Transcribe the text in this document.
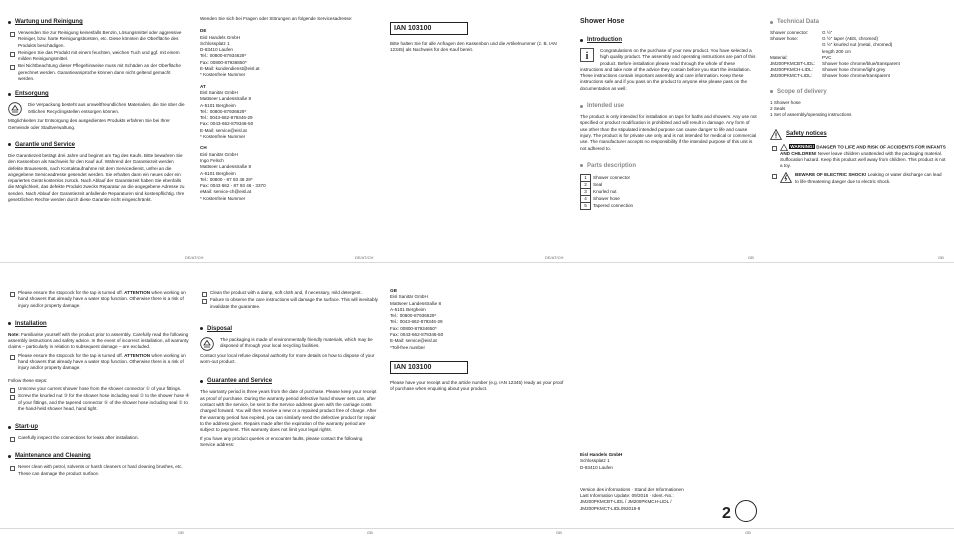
Wartung und Reinigung
Verwenden Sie zur Reinigung keinesfalls Benzin, Lösungsmittel oder aggressive Reiniger, bzw. harte Reinigungsbürsten, etc. Diese könnten die Oberfläche des Produkts beschädigen.
Reinigen Sie das Produkt mit einem feuchten, weichen Tuch und ggf. mit einem milden Reinigungsmittel.
Bei Nichtbeachtung dieser Pflegehinweise muss mit Schäden an der Oberfläche gerechnet werden. Garantieansprüche können dann nicht geltend gemacht werden.
Entsorgung

Die Verpackung besteht aus umweltfreundlichen Materialien, die Sie über die örtlichen Recyclingstellen entsorgen können.

Möglichkeiten zur Entsorgung des ausgedienten Produkts erfahren Sie bei Ihrer Gemeinde oder Stadtverwaltung.

Garantie und Service

Die Garantiezeit beträgt drei Jahre und beginnt am Tag des Kaufs. Bitte bewahren Sie den Kassenbon als Nachweis für den Kauf auf. Während der Garantiezeit werden defekte Brausesets, nach Kontaktaufnahme mit dem Servicedienst, unfrei an die angegebene Serviceadresse gesendet werden. Sie erhalten dann ein neues oder ein repariertes Gerät kostenlos zurück. Nach Ablauf der Garantiezeit haben Sie ebenfalls die Möglichkeit, das defekte Produkt zwecks Reparatur an die angegebene Adresse zu senden. Nach Ablauf der Garantiezeit anfallende Reparaturen sind kostenpflichtig. Ihre gesetzlichen Rechte werden durch diese Garantie nicht eingeschränkt.

Wenden Sie sich bei Fragen oder Störungen an folgende Servicesadresse:

DE
Eisl Handels GmbH
Schlossplatz 1
D-83410 Laufen
Tel.: 00800-87934629*
Fax: 00800-87936850*
E-Mail: kundendienst@eisl.at
* Kostenfreie Nummer
AT
Eisl Sanitär GmbH
Mattseer Landesstraße 8
A-5101 Bergheim
Tel.: 00800-87936629*
Tel.: 0043-662-879346-29
Fax: 0043-662-879346-50
E-Mail: service@eisl.at
* Kostenfreie Nummer
CH
Eisl Sanitär GmbH
Ingo Felsch
Mattseer Landesstraße 8
A-5101 Bergheim
Tel.: 00800 - 87 93 46 29*
Fax: 0043 662 - 87 93 46 - 3370
eMail: service-ch@eisl.at
* Kostenfreie Nummer
IAN 103100

Bitte halten Sie für alle Anfragen den Kassenbon und die Artikelnummer (z. B. IAN 12345) als Nachweis für den Kauf bereit.

Shower Hose
Introduction
i

Congratulations on the purchase of your new product. You have selected a high quality product. The assembly and operating instructions are part of this product. Before installation please read through the whole of these instructions and take note of the advice they contain before you start the installation. These instructions contain important assembly and care information. Keep these instructions safe and if you pass on the product to anyone else please pass on the documentation as well.

Intended use

The product is only intended for installation on taps for baths and showers. Any use not specified or product modification is prohibited and will result in damage. Any form of use other than the stipulated intended purpose can cause danger to life and cause injury. The product is for private use only and is not intended for medical or commercial use. The manufacturer accepts no responsibility if the intended purpose of this unit is not adhered to.

Parts description
1	Shower connector
2	Seal
3	Knurled nut
4	Shower hose
5	Tapered connection
Technical Data
Shower connector:	G ½"
Shower hose:	G ½" taper (ABS, chromed)
G ½" knurled nut (metal, chromed)
length 200 cm
Material:	PVC
JM200PKMCBT-LIDL:	Shower hose chrome/blue/transparent
JM200PKMCH-LIDL:	Shower hose chrome/light grey
JM200PKMCT-LIDL:	Shower hose chrome/transparent
Scope of delivery
1 Shower hose
2 Seals
1 Set of assembly/operating instructions
Safety notices
WARNING! DANGER TO LIFE AND RISK OF ACCIDENTS FOR INFANTS AND CHILDREN! Never leave children unattended with the packaging material. Suffocation hazard. Keep this product well away from children. This product is not a toy.
BEWARE OF ELECTRIC SHOCK! Leaking or water discharge can lead to life-threatening danger due to electric shock.
DE/AT/CH	DE/AT/CH	DE/AT/CH	GB	GB
Please ensure the stopcock for the tap is turned off. ATTENTION when working on hand showers that already have a water stop function. Otherwise there is a risk of injury and/or property damage.
Installation

Note: Familiarise yourself with the product prior to assembly. Carefully read the following assembly instructions and safety advice. In the event of incorrect installation, all warranty claims – particularly in relation to subsequent damage – are excluded.

Please ensure the stopcock for the tap is turned off. ATTENTION when working on hand showers that already have a water stop function. Otherwise there is a risk of injury and/or property damage.

Follow these steps:

Unscrew your current shower hose from the shower connector ① of your fittings.
Screw the knurled nut ③ for the shower hose including seal ② to the shower hose ④ of your fittings, and the tapered connector ⑤ of the shower hose including seal ② to the hand-held shower head, hand tight.
Start-up
Carefully inspect the connections for leaks after installation.
Maintenance and Cleaning
Never clean with petrol, solvents or harsh cleaners or hard cleaning brushes, etc. These can damage the product surface.
Clean the product with a damp, soft cloth and, if necessary, mild detergent.
Failure to observe the care instructions will damage the surface. This will inevitably invalidate the guarantee.
Disposal

The packaging is made of environmentally friendly materials, which may be disposed of through your local recycling facilities.

Contact your local refuse disposal authority for more details on how to dispose of your worn-out product.

Guarantee and Service

The warranty period is three years from the date of purchase. Please keep your receipt as proof of purchase. During the warranty period defective hand shower sets can, after contact with the service, be sent to the Service address given with the carriage costs charged forward. You will then receive a new or a repaired product free of charge. After the warranty period has expired, you can similarly send the defective product for repair to the address given. Repairs made after the expiration of the warranty period are subject to payment. This warranty does not limit your legal rights.

If you have any product queries or encounter faults, please contact the following Service address:

GB
Eisl Sanitär GmbH
Mattseer Landesstraße 8
A-5101 Bergheim
Tel.: 00800-87936629*
Tel.: 0043-662-879346-29
Fax: 00800-87934650*
Fax: 0043-662-879346-50
E-Mail: service@eisl.at
*Toll-free number
IAN 103100

Please have your receipt and the article number (e.g. IAN 12345) ready as your proof of purchase when enquiring about your product.

Eisl Handels GmbH
Schlossplatz 1
D-83410 Laufen
Version des informations · Stand der Informationen
Last Information Update: 09/2016 · Ident.-No.:
JM200PKMCBT-LIDL / JM200PKMCH-LIDL /
JM200PKMCT-LIDL092016-8	2
GB	GB	GB	GB
